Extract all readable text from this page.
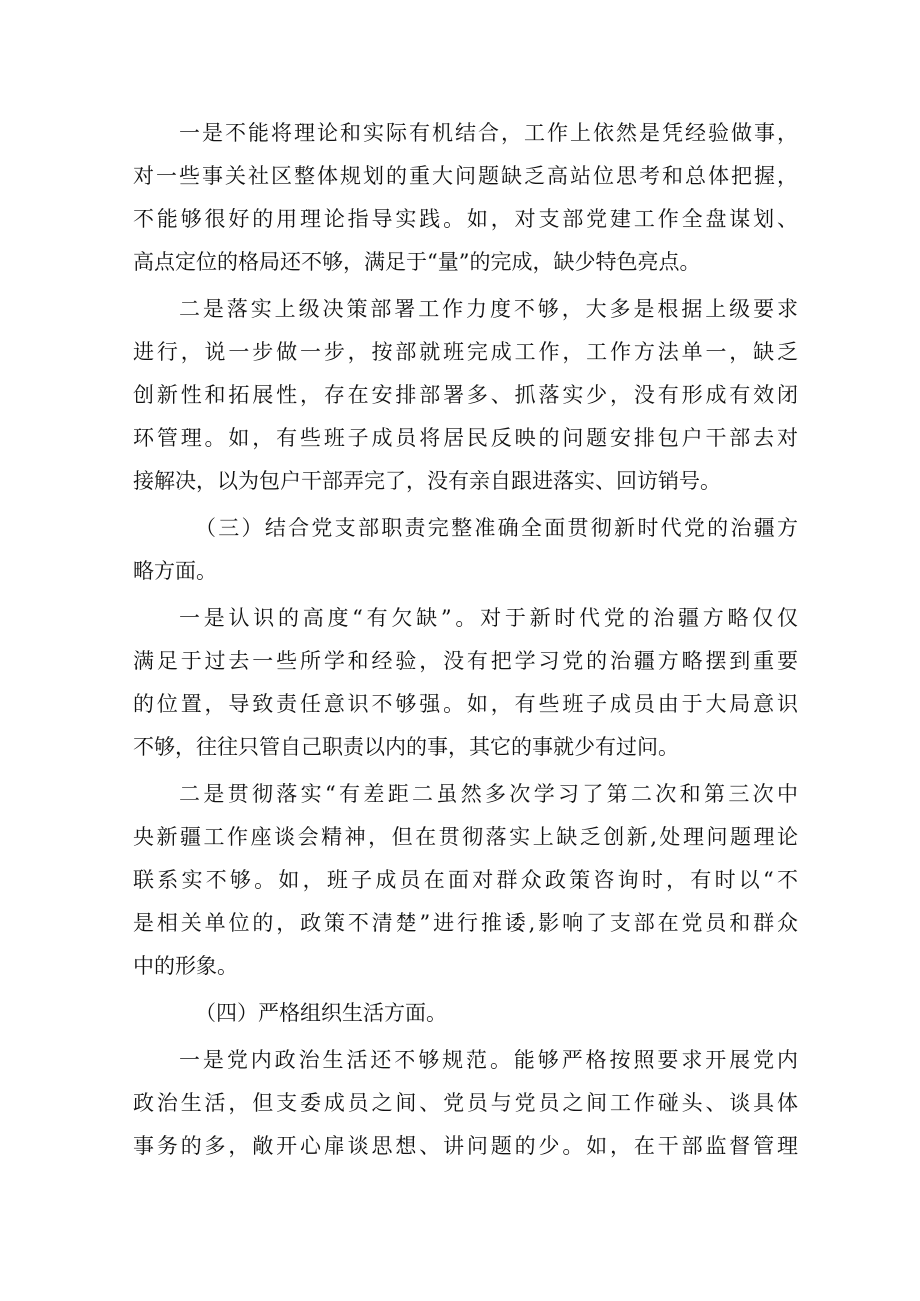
一是不能将理论和实际有机结合，工作上依然是凭经验做事，
对一些事关社区整体规划的重大问题缺乏高站位思考和总体把握，
不能够很好的用理论指导实践。如，对支部党建工作全盘谋划、
高点定位的格局还不够，满足于“量”的完成，缺少特色亮点。
二是落实上级决策部署工作力度不够，大多是根据上级要求
进行，说一步做一步，按部就班完成工作，工作方法单一，缺乏
创新性和拓展性，存在安排部署多、抓落实少，没有形成有效闭
环管理。如，有些班子成员将居民反映的问题安排包户干部去对
接解决，以为包户干部弄完了，没有亲自跟进落实、回访销号。
（三）结合党支部职责完整准确全面贯彻新时代党的治疆方
略方面。
一是认识的高度“有欠缺”。对于新时代党的治疆方略仅仅
满足于过去一些所学和经验，没有把学习党的治疆方略摆到重要
的位置，导致责任意识不够强。如，有些班子成员由于大局意识
不够，往往只管自己职责以内的事，其它的事就少有过问。
二是贯彻落实“有差距二虽然多次学习了第二次和第三次中
央新疆工作座谈会精神，但在贯彻落实上缺乏创新,处理问题理论
联系实不够。如，班子成员在面对群众政策咨询时，有时以“不
是相关单位的，政策不清楚”进行推诿,影响了支部在党员和群众
中的形象。
（四）严格组织生活方面。
一是党内政治生活还不够规范。能够严格按照要求开展党内
政治生活，但支委成员之间、党员与党员之间工作碰头、谈具体
事务的多，敞开心扉谈思想、讲问题的少。如，在干部监督管理
